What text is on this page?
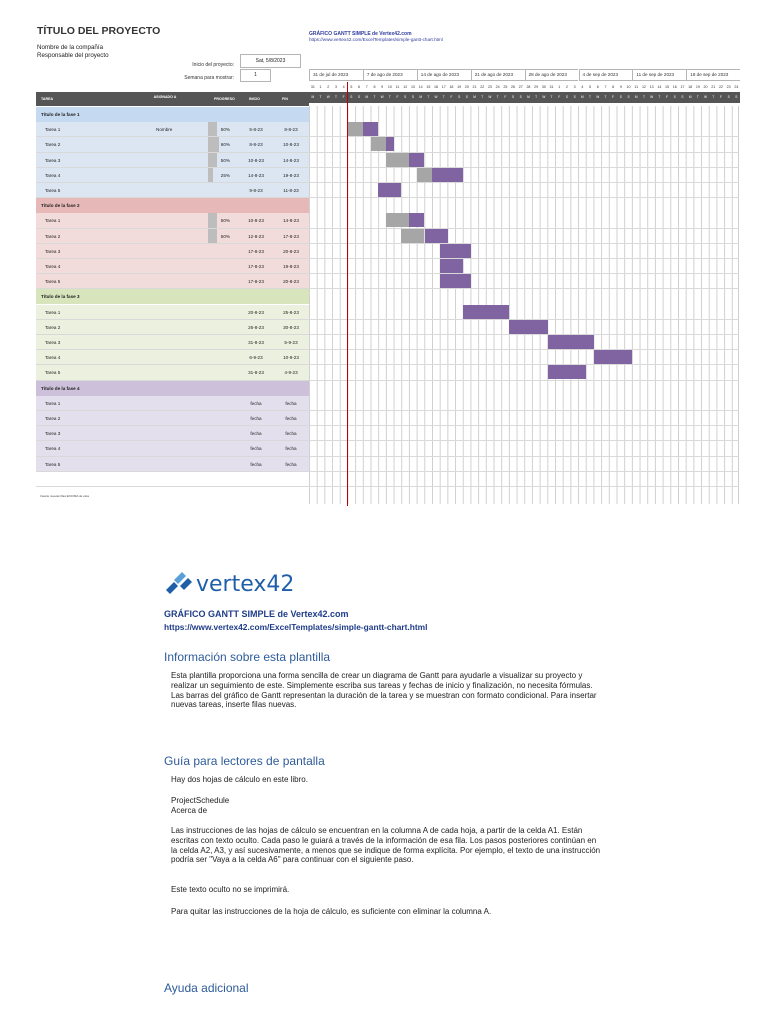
TÍTULO DEL PROYECTO
Nombre de la compañía
Responsable del proyecto
Inicio del proyecto:
Sat, 5/8/2023
Semana para mostrar:	1
GRÁFICO GANTT SIMPLE de Vertex42.com
https://www.vertex42.com/ExcelTemplates/simple-gantt-chart.html
31 de jul de 2023	7 de ago de 2023	14 de ago de 2023	21 de ago de 2023	28 de ago de 2023	4 de sep de 2023	11 de sep de 2023	18 de sep de 2023
31	1	2	3	4	5	6	7	8	9	10	11	12	13	14	15	16	17	18	19	20	21	22	23	24	25	26	27	28	29	30	31	1	2	3	4	5	6	7	8	9	10	11	12	13	14	15	16	17	18	19	20	21	22	23	24
M	T	W	T	F	S	S	M	T	W	T	F	S	S	M	T	W	T	F	S	S	M	T	W	T	F	S	S	M	T	W	T	F	S	S	M	T	W	T	F	S	S	M	T	W	T	F	S	S	M	T	W	T	F	S	S
TAREA	ASIGNADO A	PROGRESO	INICIO	FIN
Título de la fase 1
Tarea 1	Nombre	50%	5-8-23	8-8-23
Tarea 2	60%	8-8-23	10-8-23
Tarea 3	50%	10-8-23	14-8-23
Tarea 4	25%	14-8-23	19-8-23
Tarea 5	9-8-23	11-8-23
Título de la fase 2
Tarea 1	50%	10-8-23	14-8-23
Tarea 2	50%	12-8-23	17-8-23
Tarea 3	17-8-23	20-8-23
Tarea 4	17-8-23	19-8-23
Tarea 5	17-8-23	20-8-23
Título de la fase 3
Tarea 1	20-8-23	25-8-23
Tarea 2	26-8-23	30-8-23
Tarea 3	31-8-23	5-9-23
Tarea 4	6-9-23	10-9-23
Tarea 5	31-8-23	4-9-23
Título de la fase 4
Tarea 1	fecha	fecha
Tarea 2	fecha	fecha
Tarea 3	fecha	fecha
Tarea 4	fecha	fecha
Tarea 5	fecha	fecha
Inserte nuevas filas ENCIMA de ésta
vertex42
GRÁFICO GANTT SIMPLE de Vertex42.com
https://www.vertex42.com/ExcelTemplates/simple-gantt-chart.html
Información sobre esta plantilla
Esta plantilla proporciona una forma sencilla de crear un diagrama de Gantt para ayudarle a visualizar su proyecto y realizar un seguimiento de este. Simplemente escriba sus tareas y fechas de inicio y finalización, no necesita fórmulas. Las barras del gráfico de Gantt representan la duración de la tarea y se muestran con formato condicional. Para insertar nuevas tareas, inserte filas nuevas.
Guía para lectores de pantalla
Hay dos hojas de cálculo en este libro.
ProjectSchedule
Acerca de
Las instrucciones de las hojas de cálculo se encuentran en la columna A de cada hoja, a partir de la celda A1. Están escritas con texto oculto. Cada paso le guiará a través de la información de esa fila. Los pasos posteriores continúan en la celda A2, A3, y así sucesivamente, a menos que se indique de forma explícita. Por ejemplo, el texto de una instrucción podría ser "Vaya a la celda A6" para continuar con el siguiente paso.
Este texto oculto no se imprimirá.
Para quitar las instrucciones de la hoja de cálculo, es suficiente con eliminar la columna A.
Ayuda adicional
